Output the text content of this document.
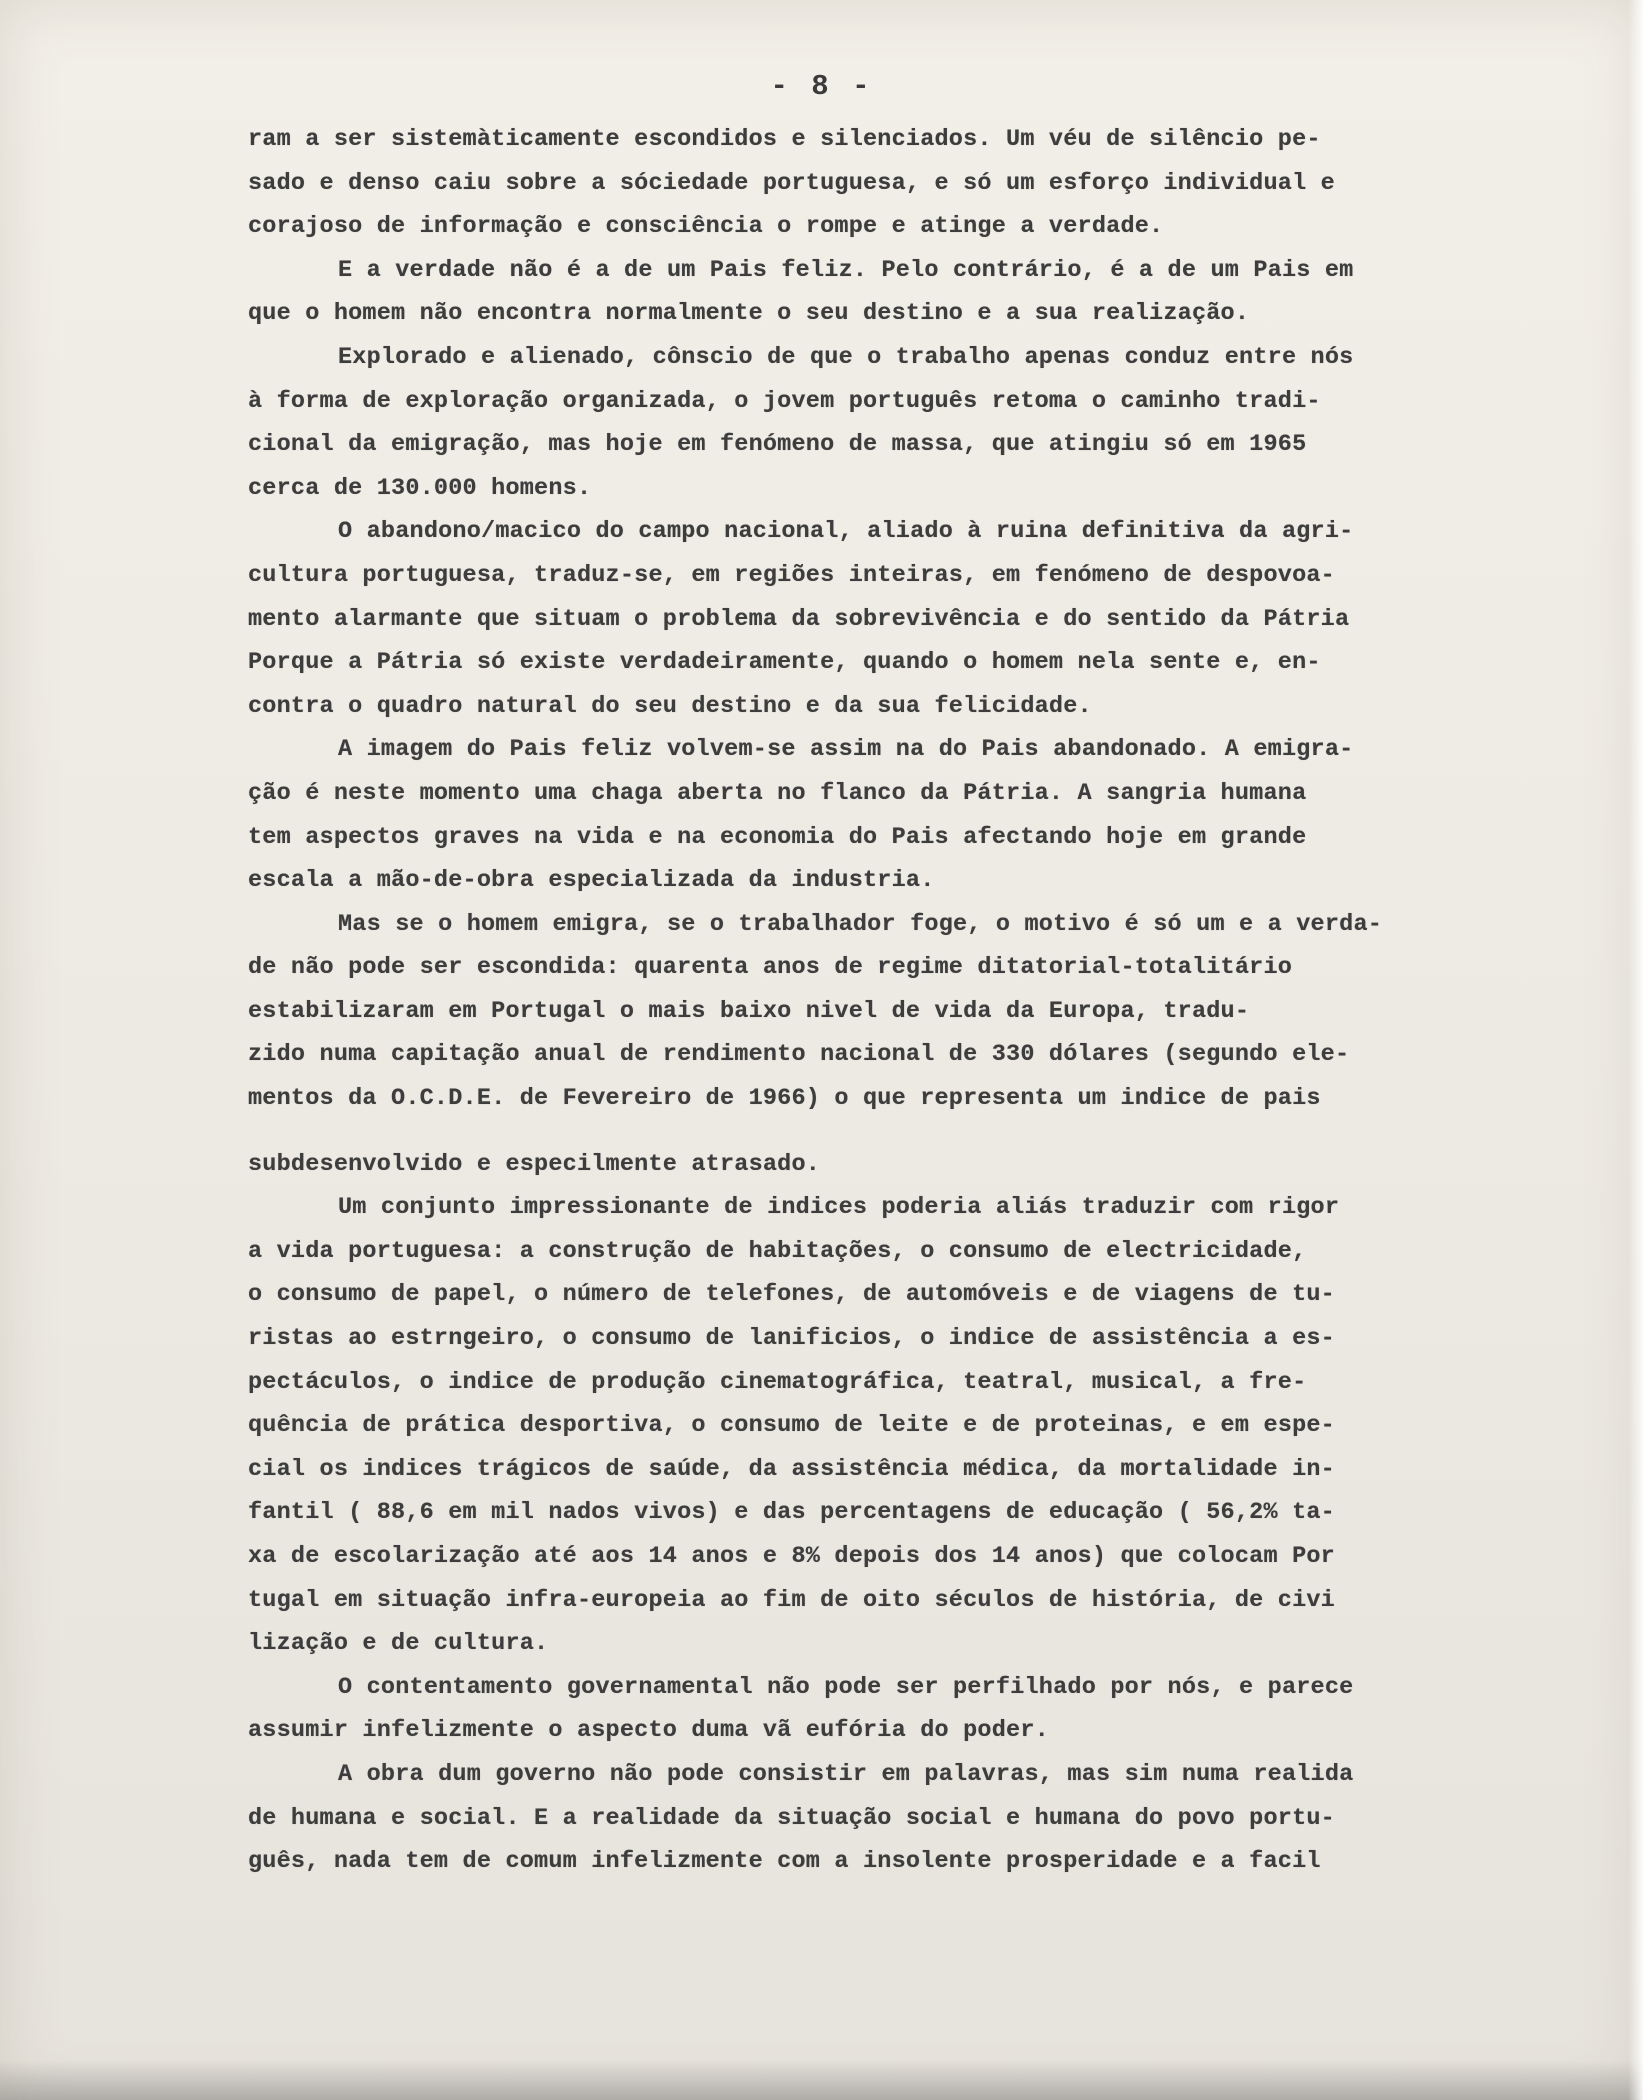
- 8 -
ram a ser sistemàticamente escondidos e silenciados. Um véu de silêncio pe-
sado e denso caiu sobre a sóciedade portuguesa, e só um esforço individual e
corajoso de informação e consciência o rompe e atinge a verdade.
E a verdade não é a de um Pais feliz. Pelo contrário, é a de um Pais em
que o homem não encontra normalmente o seu destino e a sua realização.
Explorado e alienado, cônscio de que o trabalho apenas conduz entre nós
à forma de exploração organizada, o jovem português retoma o caminho tradi-
cional da emigração, mas hoje em fenómeno de massa, que atingiu só em 1965
cerca de 130.000 homens.
O abandono/macico do campo nacional, aliado à ruina definitiva da agri-
cultura portuguesa, traduz-se, em regiões inteiras, em fenómeno de despovoa-
mento alarmante que situam o problema da sobrevivência e do sentido da Pátria
Porque a Pátria só existe verdadeiramente, quando o homem nela sente e, en-
contra o quadro natural do seu destino e da sua felicidade.
A imagem do Pais feliz volvem-se assim na do Pais abandonado. A emigra-
ção é neste momento uma chaga aberta no flanco da Pátria. A sangria humana
tem aspectos graves na vida e na economia do Pais afectando hoje em grande
escala a mão-de-obra especializada da industria.
Mas se o homem emigra, se o trabalhador foge, o motivo é só um e a verda-
de não pode ser escondida: quarenta anos de regime ditatorial-totalitário
estabilizaram em Portugal o mais baixo nivel de vida da Europa, tradu-
zido numa capitação anual de rendimento nacional de 330 dólares (segundo ele-
mentos da O.C.D.E. de Fevereiro de 1966) o que representa um indice de pais
subdesenvolvido e especilmente atrasado.
Um conjunto impressionante de indices poderia aliás traduzir com rigor
a vida portuguesa: a construção de habitações, o consumo de electricidade,
o consumo de papel, o número de telefones, de automóveis e de viagens de tu-
ristas ao estrngeiro, o consumo de lanificios, o indice de assistência a es-
pectáculos, o indice de produção cinematográfica, teatral, musical, a fre-
quência de prática desportiva, o consumo de leite e de proteinas, e em espe-
cial os indices trágicos de saúde, da assistência médica, da mortalidade in-
fantil ( 88,6 em mil nados vivos) e das percentagens de educação ( 56,2% ta-
xa de escolarização até aos 14 anos e 8% depois dos 14 anos) que colocam Por
tugal em situação infra-europeia ao fim de oito séculos de história, de civi
lização e de cultura.
O contentamento governamental não pode ser perfilhado por nós, e parece
assumir infelizmente o aspecto duma vã eufória do poder.
A obra dum governo não pode consistir em palavras, mas sim numa realida
de humana e social. E a realidade da situação social e humana do povo portu-
guês, nada tem de comum infelizmente com a insolente prosperidade e a facil
